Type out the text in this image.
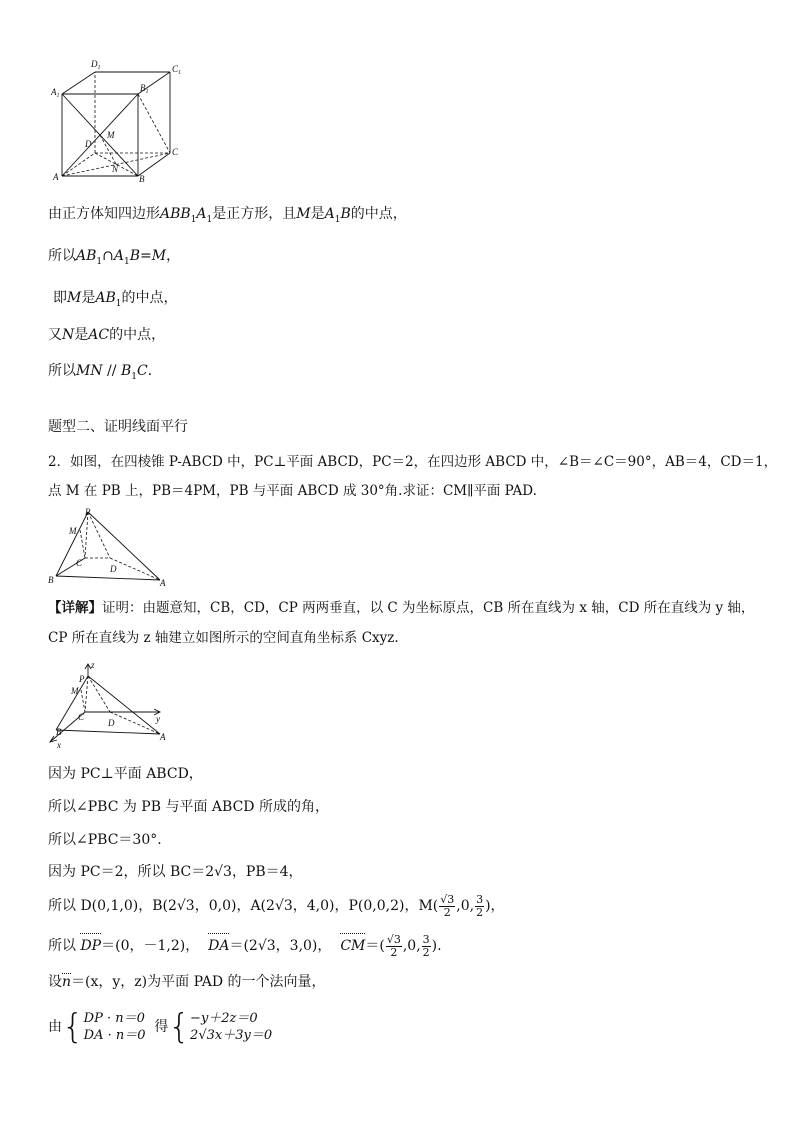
$A_1$
$B_1$
$C_1$
$D_1$
A	B
C
D
M
N
由正方体知四边形$ABB_1A_1$是正方形，且M是$A_1B$的中点，
所以$AB_1\cap A_1B=M$，
即M是$AB_1$的中点，
又N是AC的中点，
所以MN // $B_1C$．
题型二、证明线面平行
2．如图，在四棱锥 P-ABCD 中，PC⊥平面 ABCD，PC＝2，在四边形 ABCD 中，∠B＝∠C＝90°，AB＝4，CD＝1，
点 M 在 PB 上，PB＝4PM，PB 与平面 ABCD 成 30°角.求证：CM∥平面 PAD.
P
M
C
D
B	A
【详解】证明：由题意知，CB，CD，CP 两两垂直，以 C 为坐标原点，CB 所在直线为 x 轴，CD 所在直线为 y 轴，
CP 所在直线为 z 轴建立如图所示的空间直角坐标系 Cxyz.
z
P
M
C
D	y
B	A
x
因为 PC⊥平面 ABCD，
所以∠PBC 为 PB 与平面 ABCD 所成的角，
所以∠PBC＝30°.
因为 PC＝2，所以 BC＝2√3，PB＝4，
所以 D(0,1,0)，B(2√3，0,0)，A(2√3，4,0)，P(0,0,2)，$M( \frac{√3}{2} ,0$, $\frac{3}{2}$ )，
所以 DP＝(0，－1,2)， DA＝(2√3，3,0)， $CM=( \frac{√3}{2} ,0$, $\frac{3}{2}$ ).
设n＝(x，y，z)为平面 PAD 的一个法向量，
由{ DP · n＝0
DA · n＝0
得{ −y＋2z＝0
2√3x＋3y＝0
